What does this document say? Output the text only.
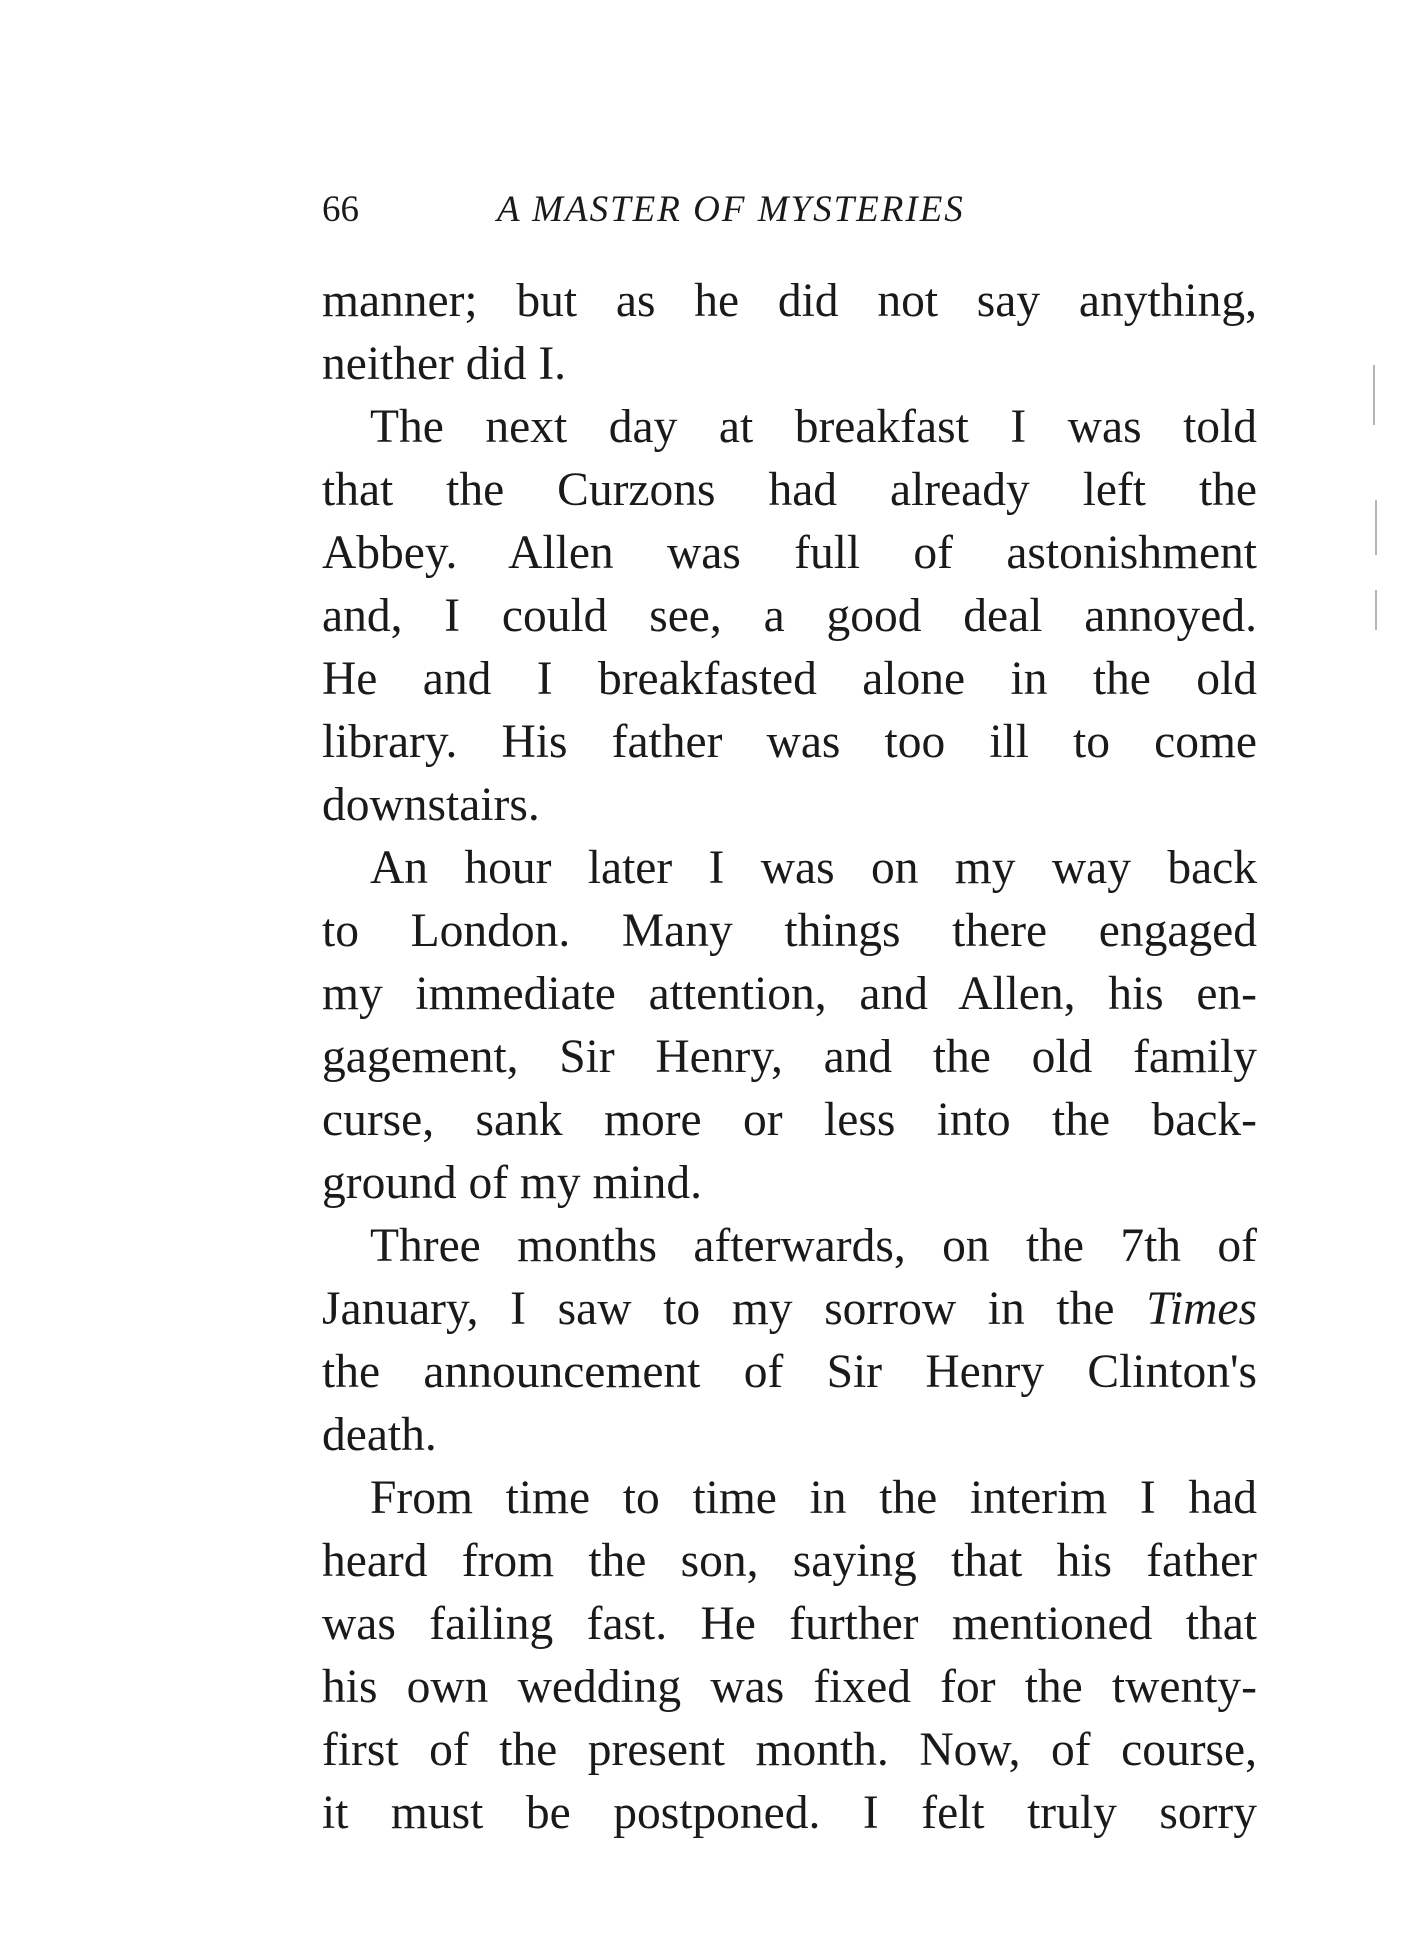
66	A MASTER OF MYSTERIES
manner; but as he did not say anything,
neither did I.
The next day at breakfast I was told
that the Curzons had already left the
Abbey. Allen was full of astonishment
and, I could see, a good deal annoyed.
He and I breakfasted alone in the old
library. His father was too ill to come
downstairs.
An hour later I was on my way back
to London. Many things there engaged
my immediate attention, and Allen, his en-
gagement, Sir Henry, and the old family
curse, sank more or less into the back-
ground of my mind.
Three months afterwards, on the 7th of
January, I saw to my sorrow in the Times
the announcement of Sir Henry Clinton's
death.
From time to time in the interim I had
heard from the son, saying that his father
was failing fast. He further mentioned that
his own wedding was fixed for the twenty-
first of the present month. Now, of course,
it must be postponed. I felt truly sorry
